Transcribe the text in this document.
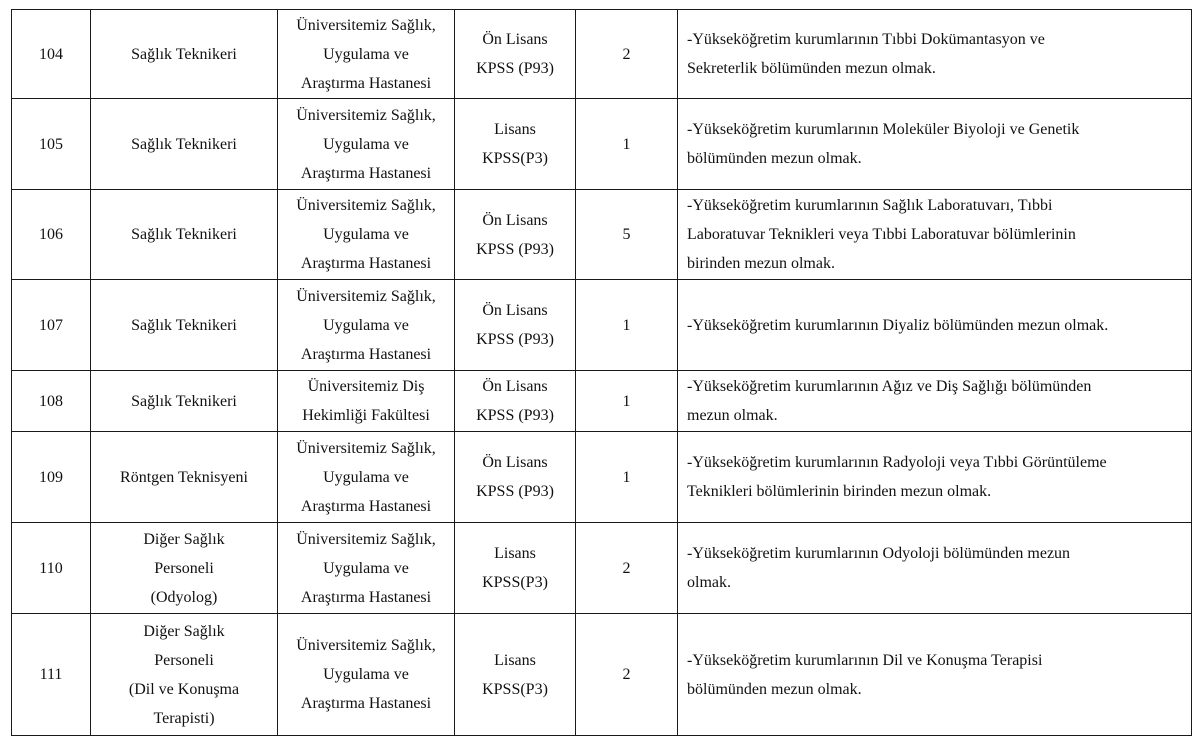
104	Sağlık Teknikeri	Üniversitemiz Sağlık,
Uygulama ve
Araştırma Hastanesi	Ön Lisans
KPSS (P93)	2	-Yükseköğretim kurumlarının Tıbbi Dokümantasyon ve
Sekreterlik bölümünden mezun olmak.

105	Sağlık Teknikeri	Üniversitemiz Sağlık,
Uygulama ve
Araştırma Hastanesi	Lisans
KPSS(P3)	1	-Yükseköğretim kurumlarının Moleküler Biyoloji ve Genetik
bölümünden mezun olmak.

106	Sağlık Teknikeri	Üniversitemiz Sağlık,
Uygulama ve
Araştırma Hastanesi	Ön Lisans
KPSS (P93)	5	-Yükseköğretim kurumlarının Sağlık Laboratuvarı, Tıbbi
Laboratuvar Teknikleri veya Tıbbi Laboratuvar bölümlerinin
birinden mezun olmak.

107	Sağlık Teknikeri	Üniversitemiz Sağlık,
Uygulama ve
Araştırma Hastanesi	Ön Lisans
KPSS (P93)	1	-Yükseköğretim kurumlarının Diyaliz bölümünden mezun olmak.

108	Sağlık Teknikeri	Üniversitemiz Diş
Hekimliği Fakültesi	Ön Lisans
KPSS (P93)	1	-Yükseköğretim kurumlarının Ağız ve Diş Sağlığı bölümünden
mezun olmak.

109	Röntgen Teknisyeni	Üniversitemiz Sağlık,
Uygulama ve
Araştırma Hastanesi	Ön Lisans
KPSS (P93)	1	-Yükseköğretim kurumlarının Radyoloji veya Tıbbi Görüntüleme
Teknikleri bölümlerinin birinden mezun olmak.

110	Diğer Sağlık
Personeli
(Odyolog)	Üniversitemiz Sağlık,
Uygulama ve
Araştırma Hastanesi	Lisans
KPSS(P3)	2	-Yükseköğretim kurumlarının Odyoloji bölümünden mezun
olmak.

111	Diğer Sağlık
Personeli
(Dil ve Konuşma
Terapisti)	Üniversitemiz Sağlık,
Uygulama ve
Araştırma Hastanesi	Lisans
KPSS(P3)	2	-Yükseköğretim kurumlarının Dil ve Konuşma Terapisi
bölümünden mezun olmak.
